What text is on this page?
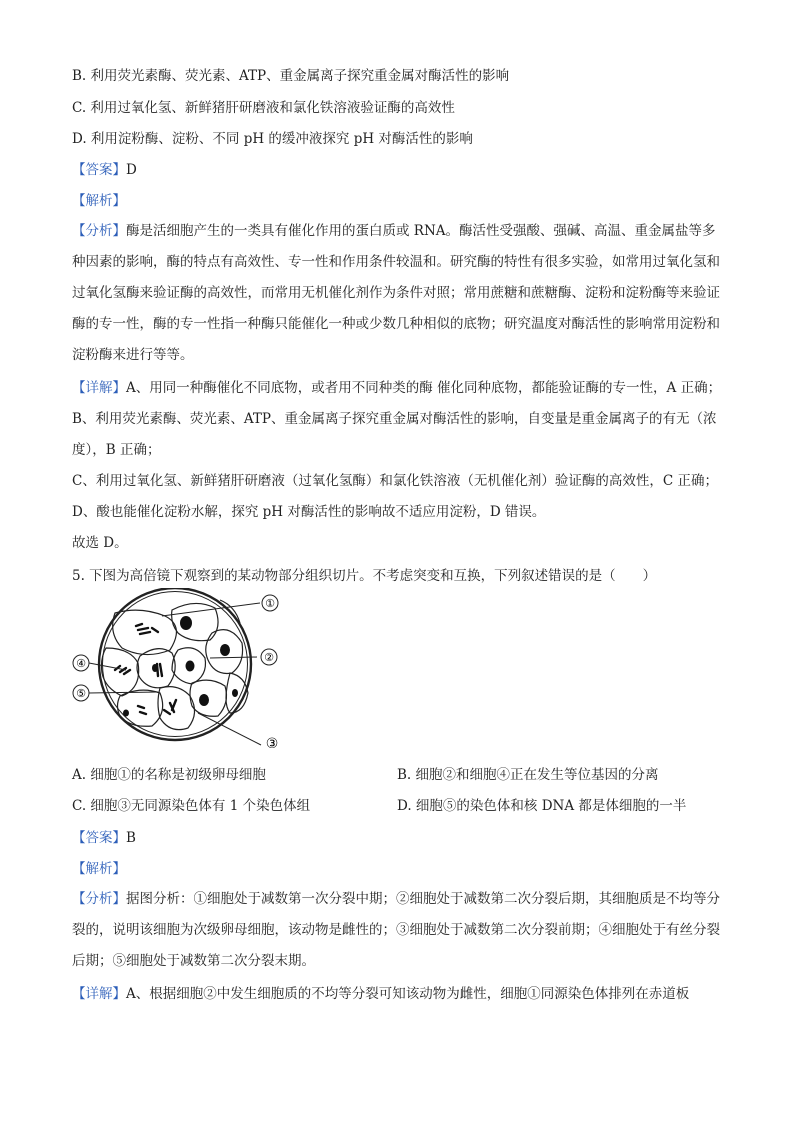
B. 利用荧光素酶、荧光素、ATP、重金属离子探究重金属对酶活性的影响
C. 利用过氧化氢、新鲜猪肝研磨液和氯化铁溶液验证酶的高效性
D. 利用淀粉酶、淀粉、不同 pH 的缓冲液探究 pH 对酶活性的影响
【答案】D
【解析】

【分析】酶是活细胞产生的一类具有催化作用的蛋白质或 RNA。酶活性受强酸、强碱、高温、重金属盐等多种因素的影响，酶的特点有高效性、专一性和作用条件较温和。研究酶的特性有很多实验，如常用过氧化氢和过氧化氢酶来验证酶的高效性，而常用无机催化剂作为条件对照；常用蔗糖和蔗糖酶、淀粉和淀粉酶等来验证酶的专一性，酶的专一性指一种酶只能催化一种或少数几种相似的底物；研究温度对酶活性的影响常用淀粉和淀粉酶来进行等等。

【详解】A、用同一种酶催化不同底物，或者用不同种类的酶 催化同种底物，都能验证酶的专一性，A 正确；

B、利用荧光素酶、荧光素、ATP、重金属离子探究重金属对酶活性的影响，自变量是重金属离子的有无（浓度），B 正确；

C、利用过氧化氢、新鲜猪肝研磨液（过氧化氢酶）和氯化铁溶液（无机催化剂）验证酶的高效性，C 正确；

D、酸也能催化淀粉水解，探究 pH 对酶活性的影响故不适应用淀粉，D 错误。

故选 D。

5. 下图为高倍镜下观察到的某动物部分组织切片。不考虑突变和互换，下列叙述错误的是（　　）
①
②
③
④
⑤
A. 细胞①的名称是初级卵母细胞	B. 细胞②和细胞④正在发生等位基因的分离
C. 细胞③无同源染色体有 1 个染色体组	D. 细胞⑤的染色体和核 DNA 都是体细胞的一半
【答案】B
【解析】

【分析】据图分析：①细胞处于减数第一次分裂中期；②细胞处于减数第二次分裂后期，其细胞质是不均等分裂的，说明该细胞为次级卵母细胞，该动物是雌性的；③细胞处于减数第二次分裂前期；④细胞处于有丝分裂后期；⑤细胞处于减数第二次分裂末期。

【详解】A、根据细胞②中发生细胞质的不均等分裂可知该动物为雌性，细胞①同源染色体排列在赤道板
